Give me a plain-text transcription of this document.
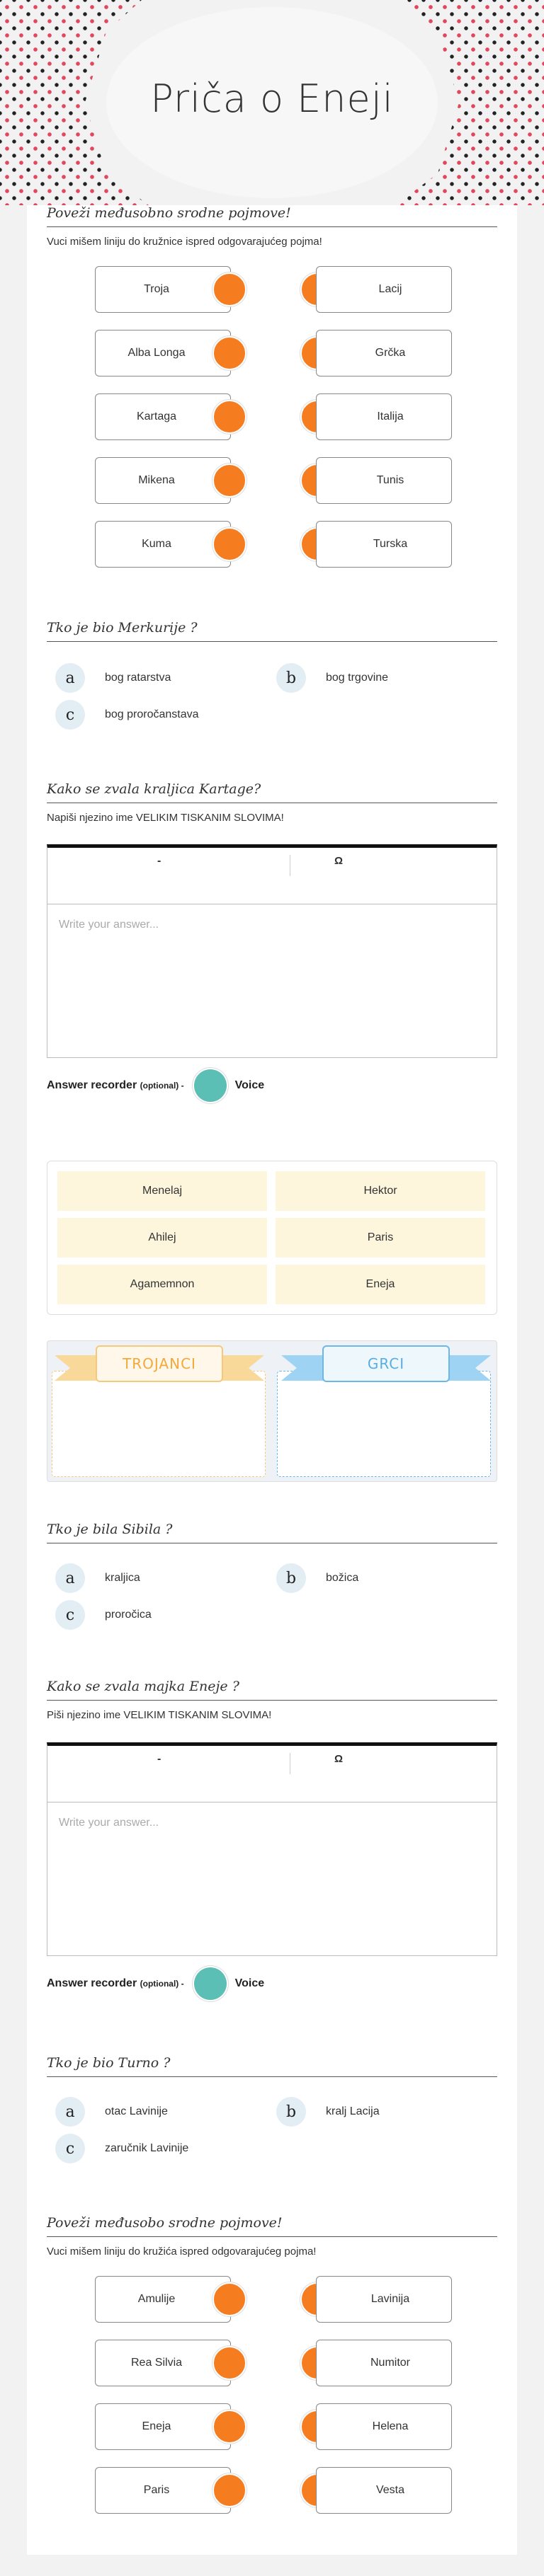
Priča o Eneji
Poveži međusobno srodne pojmove!
Vuci mišem liniju do kružnice ispred odgovarajućeg pojma!
Troja	Lacij
Alba Longa	Grčka
Kartaga	Italija
Mikena	Tunis
Kuma	Turska
Tko je bio Merkurije ?
a	bog ratarstva	b	bog trgovine
c	bog proročanstava
Kako se zvala kraljica Kartage?
Napiši njezino ime VELIKIM TISKANIM SLOVIMA!
-	Ω
Write your answer...
Answer recorder
(optional) -	Voice
Menelaj	Hektor
Ahilej	Paris
Agamemnon	Eneja
TROJANCI	GRCI
Tko je bila Sibila ?
a	kraljica	b	božica
c	proročica
Kako se zvala majka Eneje ?
Piši njezino ime VELIKIM TISKANIM SLOVIMA!
-	Ω
Write your answer...
Answer recorder
(optional) -	Voice
Tko je bio Turno ?
a	otac Lavinije	b	kralj Lacija
c	zaručnik Lavinije
Poveži međusobo srodne pojmove!
Vuci mišem liniju do kružića ispred odgovarajućeg pojma!
Amulije	Lavinija
Rea Silvia	Numitor
Eneja	Helena
Paris	Vesta
